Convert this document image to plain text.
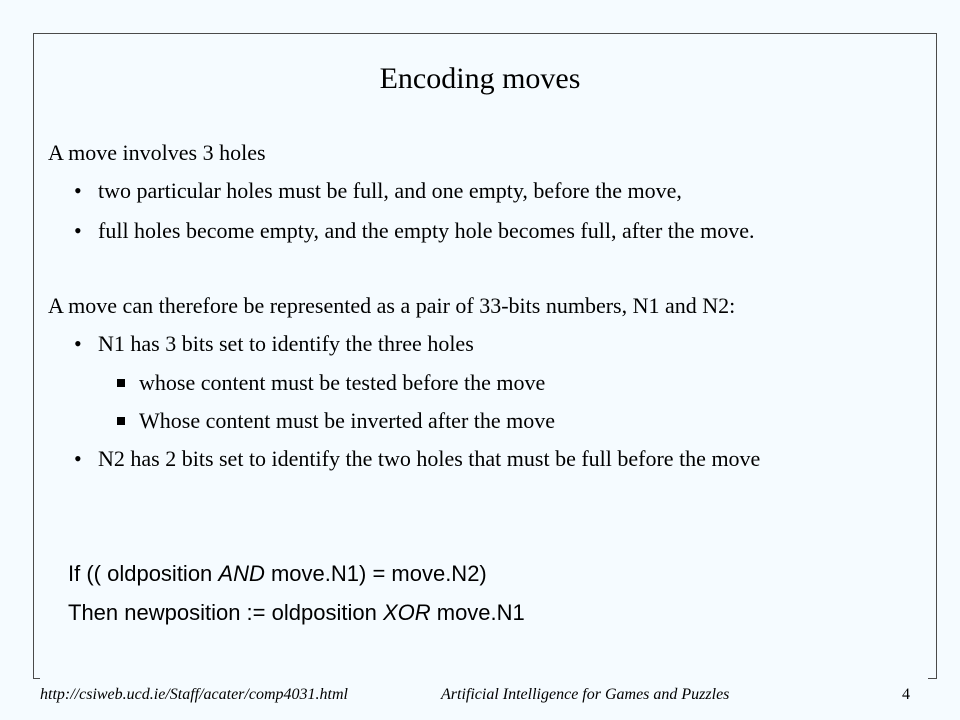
Encoding moves
A move involves 3 holes
• two particular holes must be full, and one empty, before the move,
• full holes become empty, and the empty hole becomes full, after the move.
A move can therefore be represented as a pair of 33-bits numbers, N1 and N2:
• N1 has 3 bits set to identify the three holes
whose content must be tested before the move
Whose content must be inverted after the move
• N2 has 2 bits set to identify the two holes that must be full before the move
If (( oldposition AND move.N1) = move.N2)
Then newposition := oldposition XOR move.N1
http://csiweb.ucd.ie/Staff/acater/comp4031.html	Artificial Intelligence for Games and Puzzles	4
